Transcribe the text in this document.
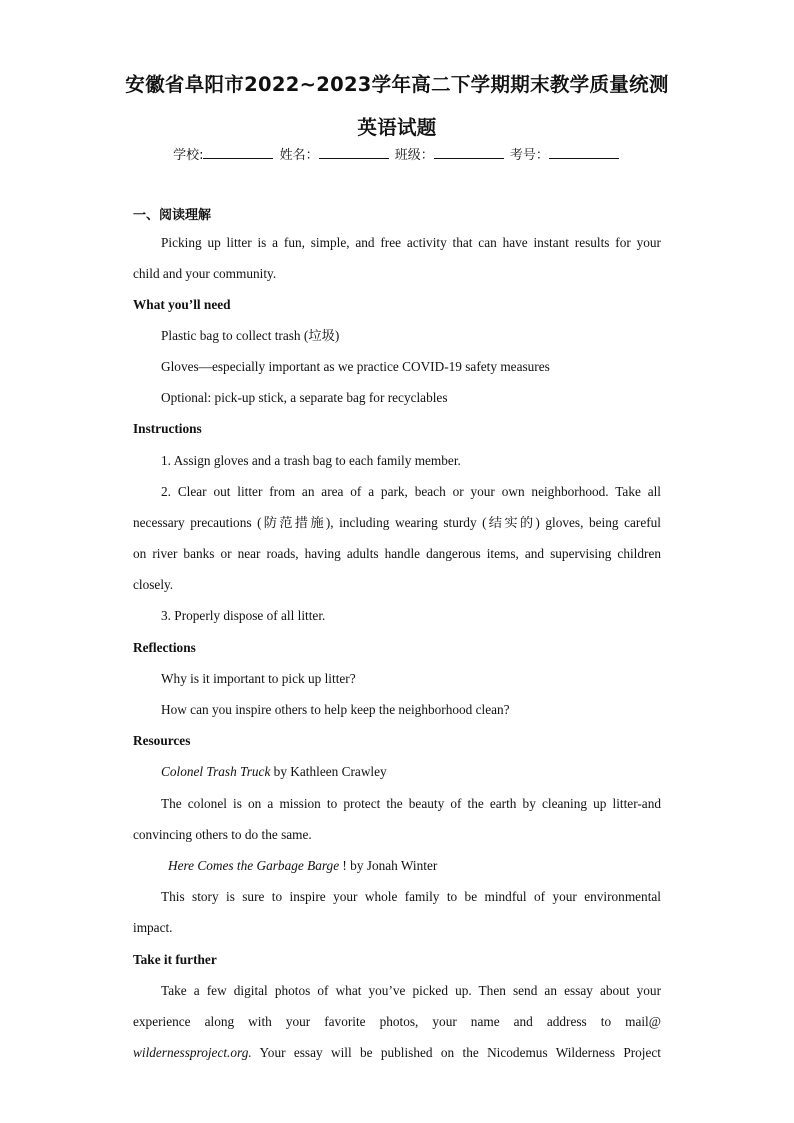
安徽省阜阳市2022~2023学年高二下学期期末教学质量统测
英语试题
学校:	姓名：	班级：	考号：
一、阅读理解
Picking up litter is a fun, simple, and free activity that can have instant results for your
child and your community.
What you’ll need
Plastic bag to collect trash (垃圾)
Gloves—especially important as we practice COVID-19 safety measures
Optional: pick-up stick, a separate bag for recyclables
Instructions
1. Assign gloves and a trash bag to each family member.
2. Clear out litter from an area of a park, beach or your own neighborhood. Take all
necessary precautions (防范措施), including wearing sturdy (结实的) gloves, being careful
on river banks or near roads, having adults handle dangerous items, and supervising children
closely.
3. Properly dispose of all litter.
Reflections
Why is it important to pick up litter?
How can you inspire others to help keep the neighborhood clean?
Resources
Colonel Trash Truck by Kathleen Crawley
The colonel is on a mission to protect the beauty of the earth by cleaning up litter-and
convincing others to do the same.
Here Comes the Garbage Barge ! by Jonah Winter
This story is sure to inspire your whole family to be mindful of your environmental
impact.
Take it further
Take a few digital photos of what you’ve picked up. Then send an essay about your
experience along with your favorite photos, your name and address to mail@
wildernessproject.org. Your essay will be published on the Nicodemus Wilderness Project
